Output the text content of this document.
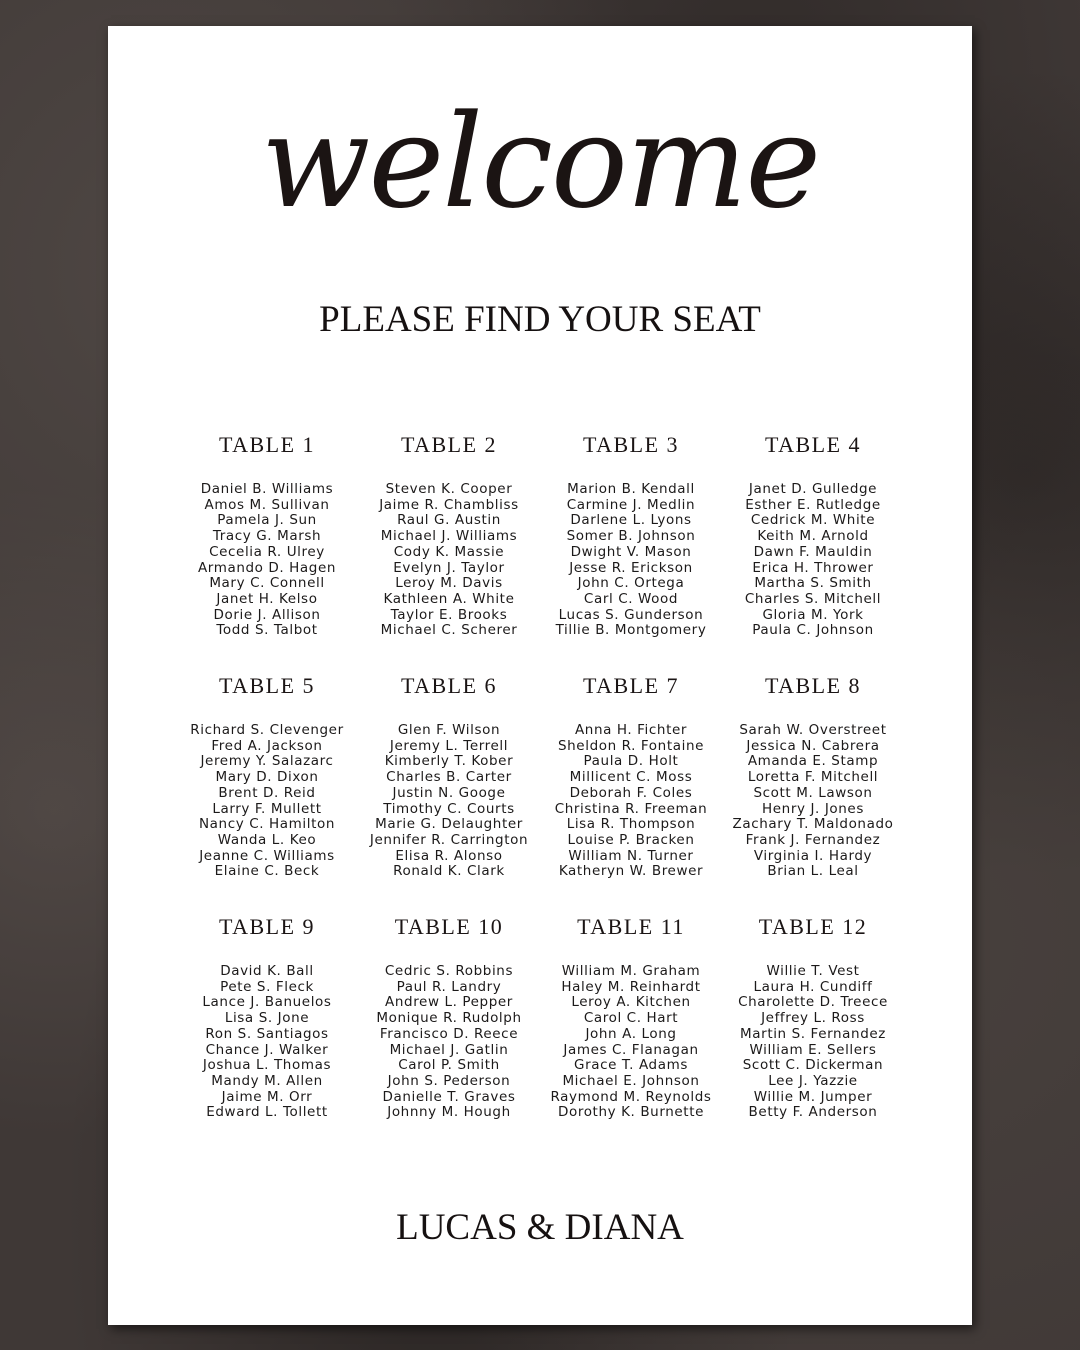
welcome
PLEASE FIND YOUR SEAT
TABLE 1
Daniel B. Williams
Amos M. Sullivan
Pamela J. Sun
Tracy G. Marsh
Cecelia R. Ulrey
Armando D. Hagen
Mary C. Connell
Janet H. Kelso
Dorie J. Allison
Todd S. Talbot
TABLE 2
Steven K. Cooper
Jaime R. Chambliss
Raul G. Austin
Michael J. Williams
Cody K. Massie
Evelyn J. Taylor
Leroy M. Davis
Kathleen A. White
Taylor E. Brooks
Michael C. Scherer
TABLE 3
Marion B. Kendall
Carmine J. Medlin
Darlene L. Lyons
Somer B. Johnson
Dwight V. Mason
Jesse R. Erickson
John C. Ortega
Carl C. Wood
Lucas S. Gunderson
Tillie B. Montgomery
TABLE 4
Janet D. Gulledge
Esther E. Rutledge
Cedrick M. White
Keith M. Arnold
Dawn F. Mauldin
Erica H. Thrower
Martha S. Smith
Charles S. Mitchell
Gloria M. York
Paula C. Johnson
TABLE 5
Richard S. Clevenger
Fred A. Jackson
Jeremy Y. Salazarc
Mary D. Dixon
Brent D. Reid
Larry F. Mullett
Nancy C. Hamilton
Wanda L. Keo
Jeanne C. Williams
Elaine C. Beck
TABLE 6
Glen F. Wilson
Jeremy L. Terrell
Kimberly T. Kober
Charles B. Carter
Justin N. Googe
Timothy C. Courts
Marie G. Delaughter
Jennifer R. Carrington
Elisa R. Alonso
Ronald K. Clark
TABLE 7
Anna H. Fichter
Sheldon R. Fontaine
Paula D. Holt
Millicent C. Moss
Deborah F. Coles
Christina R. Freeman
Lisa R. Thompson
Louise P. Bracken
William N. Turner
Katheryn W. Brewer
TABLE 8
Sarah W. Overstreet
Jessica N. Cabrera
Amanda E. Stamp
Loretta F. Mitchell
Scott M. Lawson
Henry J. Jones
Zachary T. Maldonado
Frank J. Fernandez
Virginia I. Hardy
Brian L. Leal
TABLE 9
David K. Ball
Pete S. Fleck
Lance J. Banuelos
Lisa S. Jone
Ron S. Santiagos
Chance J. Walker
Joshua L. Thomas
Mandy M. Allen
Jaime M. Orr
Edward L. Tollett
TABLE 10
Cedric S. Robbins
Paul R. Landry
Andrew L. Pepper
Monique R. Rudolph
Francisco D. Reece
Michael J. Gatlin
Carol P. Smith
John S. Pederson
Danielle T. Graves
Johnny M. Hough
TABLE 11
William M. Graham
Haley M. Reinhardt
Leroy A. Kitchen
Carol C. Hart
John A. Long
James C. Flanagan
Grace T. Adams
Michael E. Johnson
Raymond M. Reynolds
Dorothy K. Burnette
TABLE 12
Willie T. Vest
Laura H. Cundiff
Charolette D. Treece
Jeffrey L. Ross
Martin S. Fernandez
William E. Sellers
Scott C. Dickerman
Lee J. Yazzie
Willie M. Jumper
Betty F. Anderson
LUCAS & DIANA
